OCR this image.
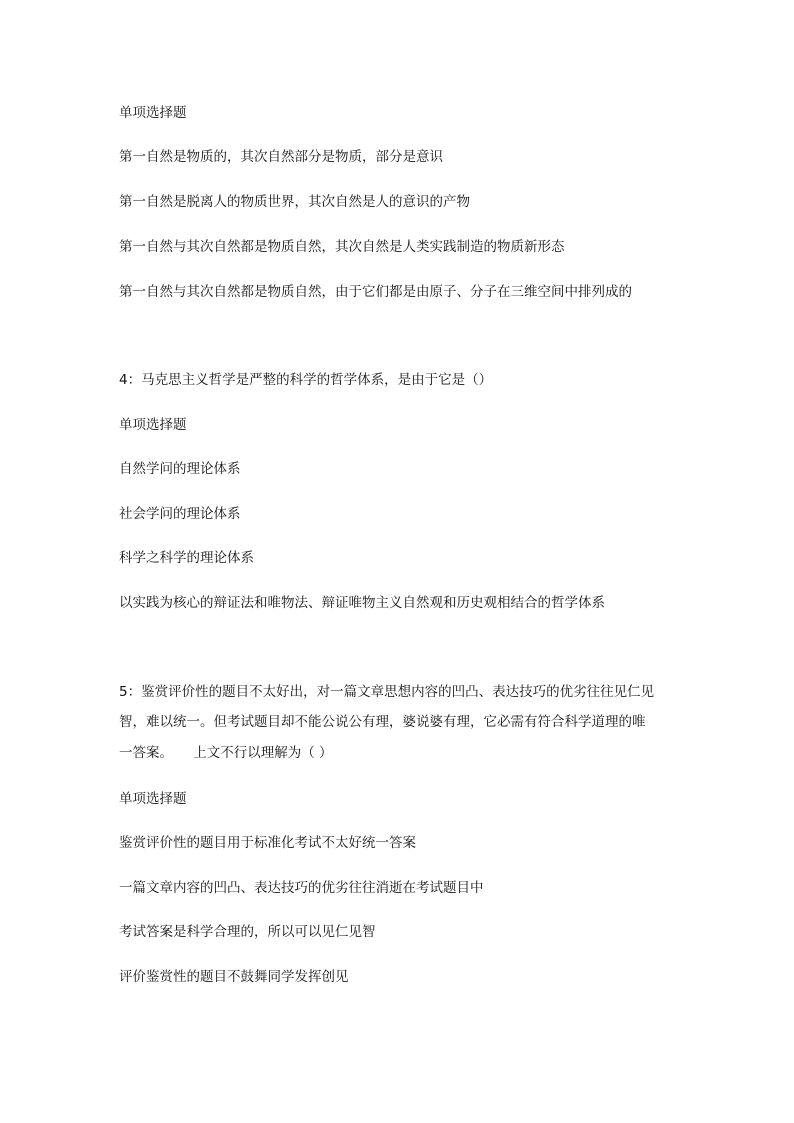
单项选择题
第一自然是物质的，其次自然部分是物质，部分是意识
第一自然是脱离人的物质世界，其次自然是人的意识的产物
第一自然与其次自然都是物质自然，其次自然是人类实践制造的物质新形态
第一自然与其次自然都是物质自然，由于它们都是由原子、分子在三维空间中排列成的
4：马克思主义哲学是严整的科学的哲学体系，是由于它是（）
单项选择题
自然学问的理论体系
社会学问的理论体系
科学之科学的理论体系
以实践为核心的辩证法和唯物法、辩证唯物主义自然观和历史观相结合的哲学体系
5：鉴赏评价性的题目不太好出，对一篇文章思想内容的凹凸、表达技巧的优劣往往见仁见
智，难以统一。但考试题目却不能公说公有理，婆说婆有理，它必需有符合科学道理的唯
一答案。　　上文不行以理解为（ ）
单项选择题
鉴赏评价性的题目用于标准化考试不太好统一答案
一篇文章内容的凹凸、表达技巧的优劣往往消逝在考试题目中
考试答案是科学合理的，所以可以见仁见智
评价鉴赏性的题目不鼓舞同学发挥创见
